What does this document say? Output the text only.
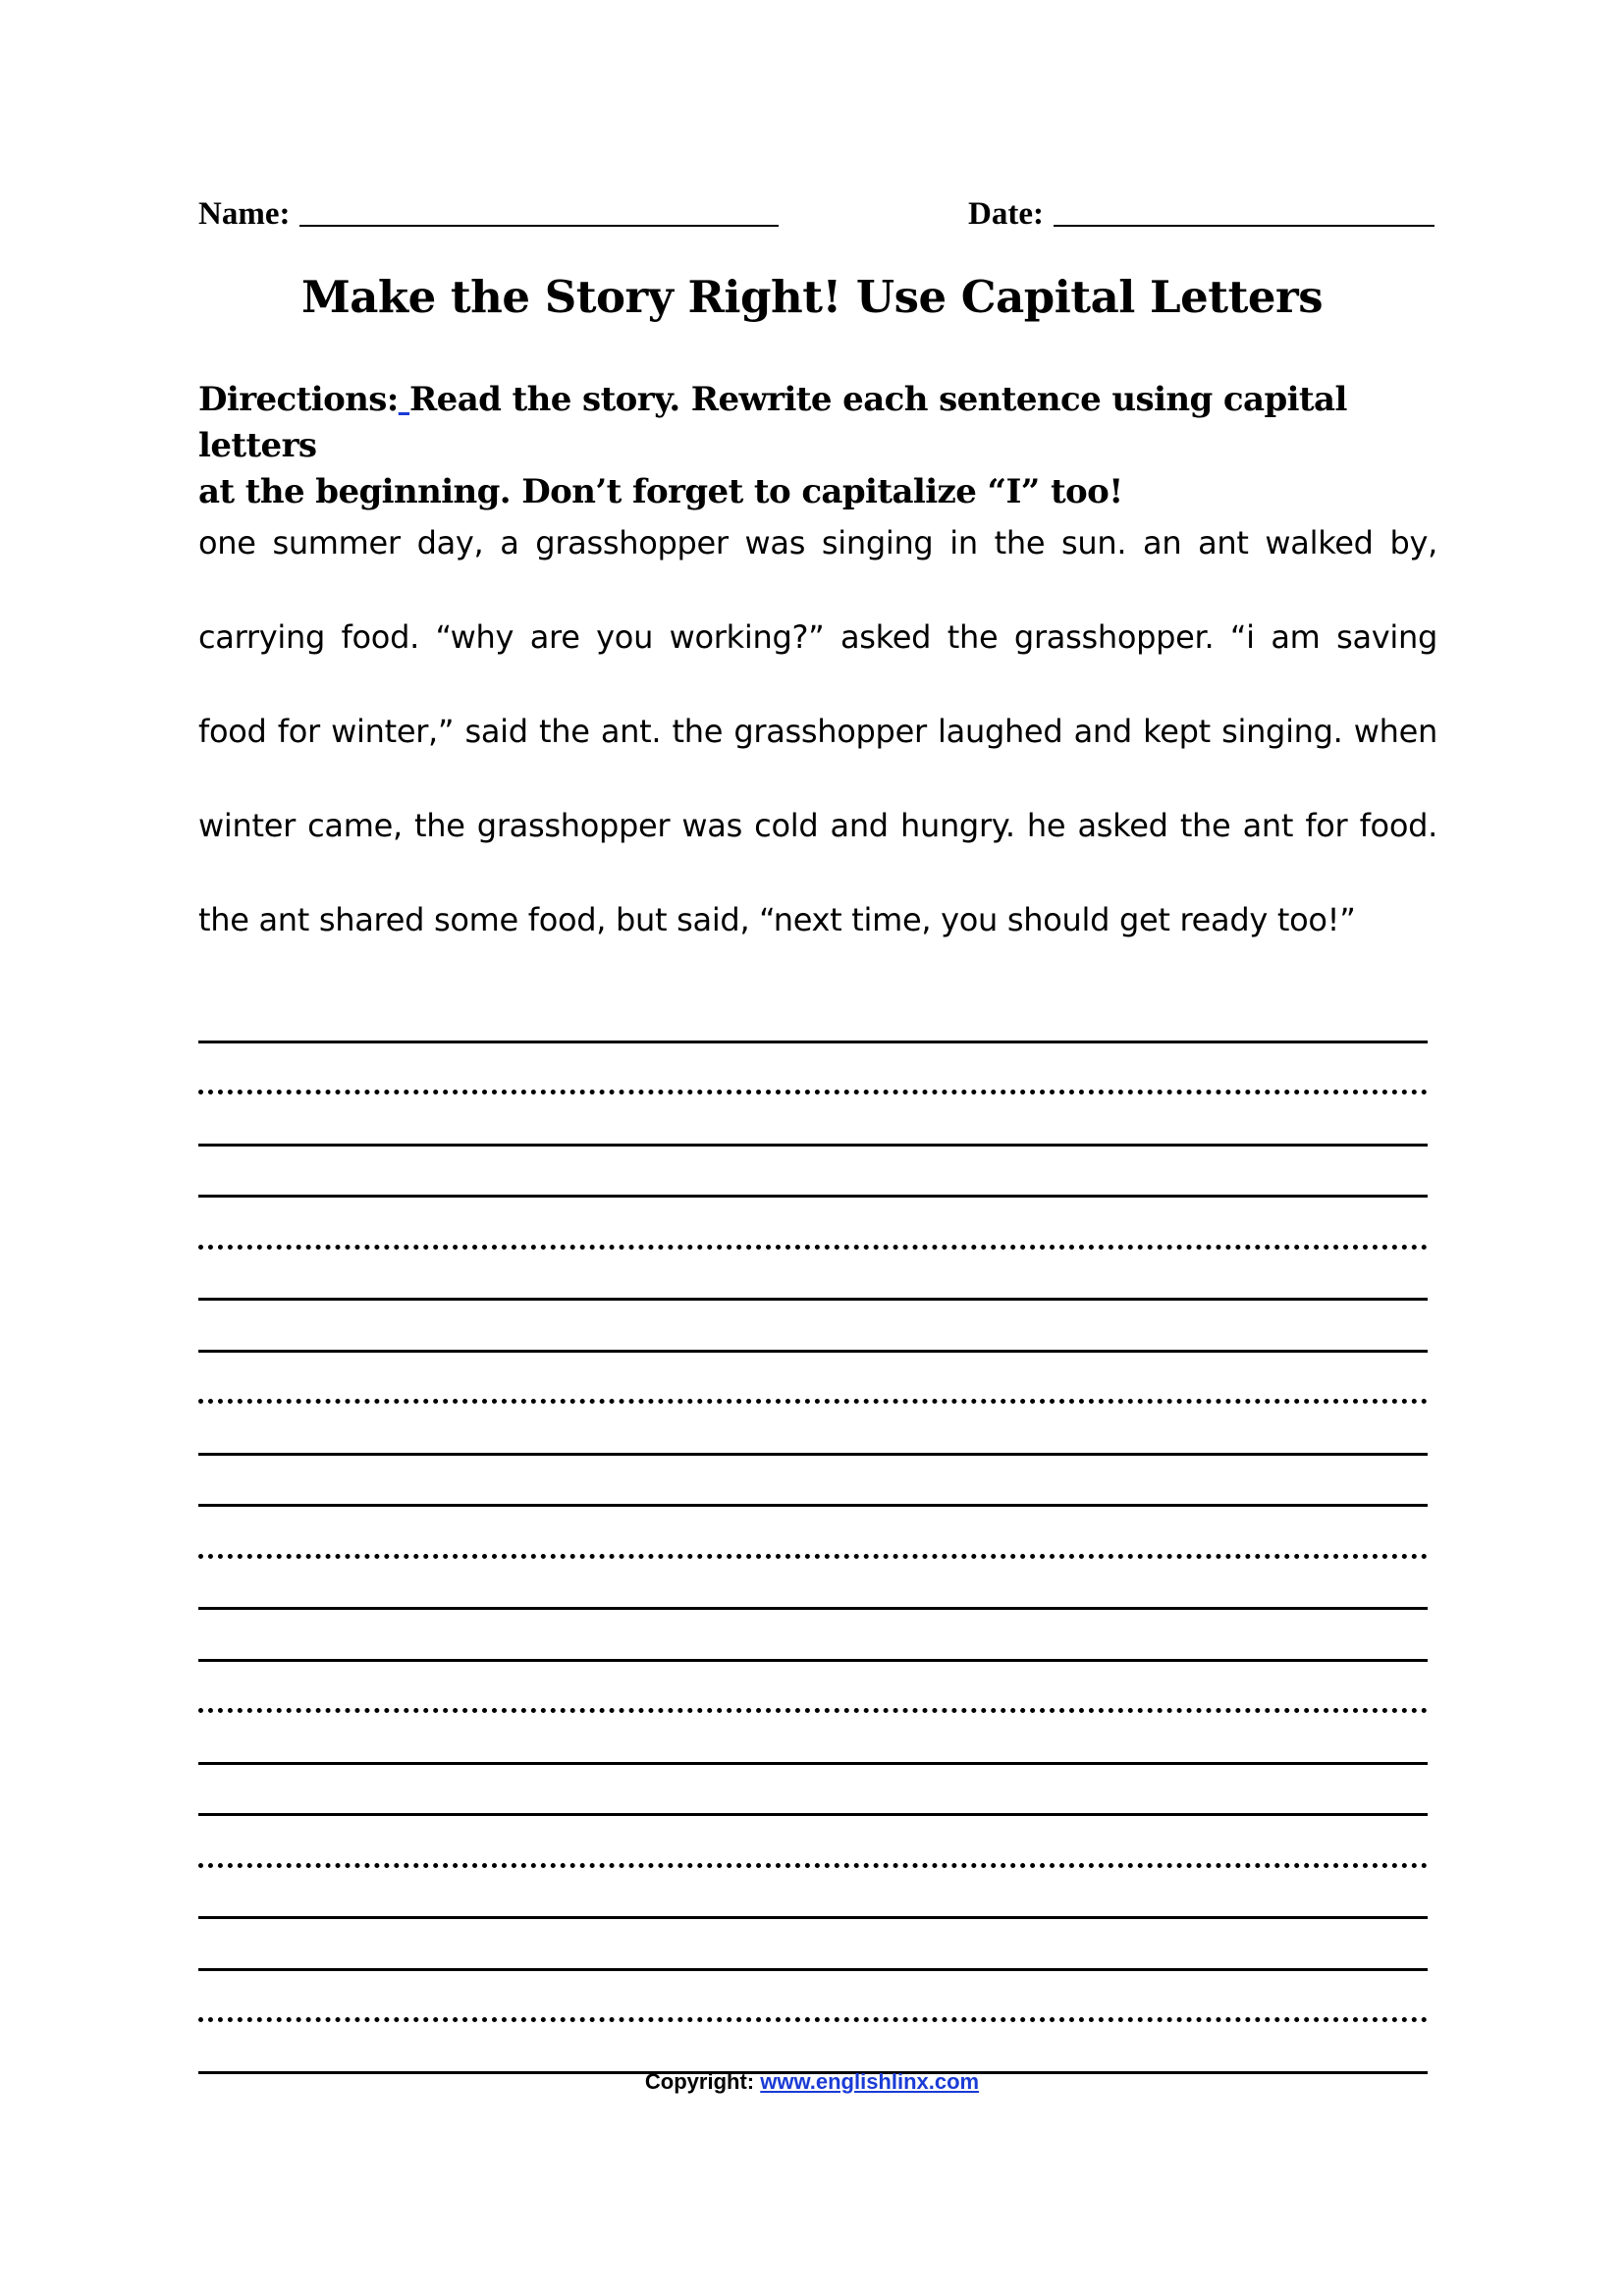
Name:	Date:
Make the Story Right! Use Capital Letters
Directions: Read the story. Rewrite each sentence using capital letters
at the beginning. Don’t forget to capitalize “I” too!
one summer day, a grasshopper was singing in the sun. an ant walked by,
carrying food. “why are you working?” asked the grasshopper. “i am saving
food for winter,” said the ant. the grasshopper laughed and kept singing. when
winter came, the grasshopper was cold and hungry. he asked the ant for food.
the ant shared some food, but said, “next time, you should get ready too!”
Copyright: www.englishlinx.com
